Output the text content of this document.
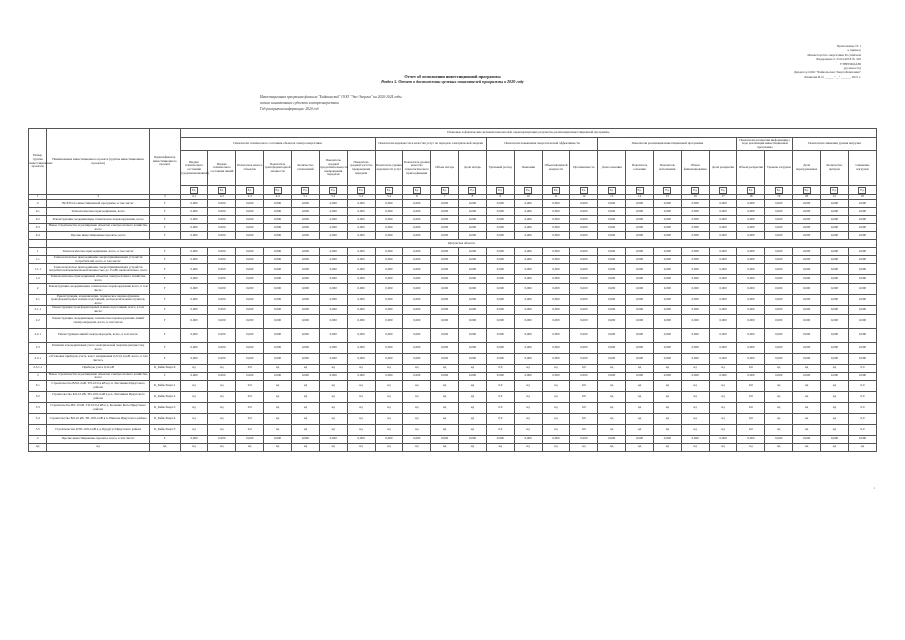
Приложение № 1
к приказу
Министерства энергетики Российской
Федерации от 25.04.2018 № 320
УТВЕРЖДАЮ
(должность)
Директор ООО "Байкальская ЭнергоКомпания"
Фамилия И.О. _____ "__" ______ 2021 г.
Отчет об исполнении инвестиционной программы
Раздел 5. Отчет о достижении целевых показателей программы в 2020 году
Инвестиционная программа филиала "Байкальский" ООО "Эко-Энергия" на 2020-2024 годы
полное наименование субъекта электроэнергетики
Год раскрытия информации: 2020 год
Номер группы инвестиционных проектов	Наименование инвестиционного проекта (группы инвестиционных проектов)	Идентификатор инвестиционного проекта	Плановые и фактические значения показателей, характеризующих результаты реализации инвестиционной программы																								
			Показатели технического состояния объектов электроэнергетики							Показатели надежности и качества услуг по передаче электрической энергии				Показатели повышения энергетической эффективности				Показатели реализации инвестиционной программы					Показатели раскрытия информации о ходе реализации инвестиционной программы		Показатели снижения уровня нагрузки		
			Индекс технического состояния (средневзвешенный)	Индекс технического состояния линий	Показатель износа объектов	Показатель трансформаторной мощности	Количество отключений	Показатель средней продолжительности прекращения передачи	Показатель средней частоты прекращения передачи	Показатель уровня надежности услуг	Показатель уровня качества технологического присоединения	Объем потерь	Доля потерь	Удельный расход	Экономия	Объем вводимой мощности	Протяженность	Доля освоения	Показатель освоения	Показатель исполнения	Объем финансирования	Доля раскрытия	Объем раскрытия	Уровень загрузки	Доля перегруженных	Количество центров	Снижение нагрузки
			Ед.	Ед.	Ед.	Ед.	Ед.	Ед.	Ед.	Ед.	Ед.	Ед.	Ед.	Ед.	Ед.	Ед.	Ед.	Ед.	Ед.	Ед.	Ед.	Ед.	Ед.	Ед.	Ед.	Ед.	Ед.
1	2	3	4.1	4.2	4.3	4.4	5.1	5.2	5.3	5.4	6	7	8	9	10	11	12	13	14	15	16	17	18	19	20	21	22
0	ВСЕГО по инвестиционной программе, в том числе:	Г	0,000	0,000	0,000	0,000	0,000	0,000	0,000	0,000	0,000	0,000	0,000	0,000	0,000	0,000	0,000	0,000	0,000	0,000	0,000	0,000	0,000	0,000	0,000	0,000	0,000
0.1	Технологическое присоединение, всего	Г	0,000	0,000	0,000	0,000	0,000	0,000	0,000	0,000	0,000	0,000	0,000	0,000	0,000	0,000	0,000	0,000	0,000	0,000	0,000	0,000	0,000	0,000	0,000	0,000	0,000
0.2	Реконструкция, модернизация, техническое перевооружение, всего	Г	0,000	0,000	0,000	0,000	0,000	0,000	0,000	0,000	0,000	0,000	0,000	0,000	0,000	0,000	0,000	0,000	0,000	0,000	0,000	0,000	0,000	0,000	0,000	0,000	0,000
0.3	Новое строительство и расширение объектов электросетевого хозяйства, всего	Г	0,000	0,000	0,000	0,000	0,000	0,000	0,000	0,000	0,000	0,000	0,000	0,000	0,000	0,000	0,000	0,000	0,000	0,000	0,000	0,000	0,000	0,000	0,000	0,000	0,000
0.4	Прочие инвестиционные проекты, всего	Г	0,000	0,000	0,000	0,000	0,000	0,000	0,000	0,000	0,000	0,000	0,000	0,000	0,000	0,000	0,000	0,000	0,000	0,000	0,000	0,000	0,000	0,000	0,000	0,000	0,000
	Иркутская область																										
1	Технологическое присоединение, всего, в том числе:	Г	0,000	0,000	0,000	0,000	0,000	0,000	0,000	0,000	0,000	0,000	0,000	0,000	0,000	0,000	0,000	0,000	0,000	0,000	0,000	0,000	0,000	0,000	0,000	0,000	0,000
1.1	Технологическое присоединение энергопринимающих устройств потребителей, всего, в том числе:	Г	0,000	0,000	0,000	0,000	0,000	0,000	0,000	0,000	0,000	0,000	0,000	0,000	0,000	0,000	0,000	0,000	0,000	0,000	0,000	0,000	0,000	0,000	0,000	0,000	0,000
1.1.1	Технологическое присоединение энергопринимающих устройств потребителей максимальной мощностью до 15 кВт включительно, всего	Г	0,000	0,000	0,000	0,000	0,000	0,000	0,000	0,000	0,000	0,000	0,000	0,000	0,000	0,000	0,000	0,000	0,000	0,000	0,000	0,000	0,000	0,000	0,000	0,000	0,000
1.2	Технологическое присоединение объектов электросетевого хозяйства, всего	Г	0,000	0,000	0,000	0,000	0,000	0,000	0,000	0,000	0,000	0,000	0,000	0,000	0,000	0,000	0,000	0,000	0,000	0,000	0,000	0,000	0,000	0,000	0,000	0,000	0,000
2	Реконструкция, модернизация, техническое перевооружение всего, в том числе:	Г	0,000	0,000	0,000	0,000	0,000	0,000	0,000	0,000	0,000	0,000	0,000	0,000	0,000	0,000	0,000	0,000	0,000	0,000	0,000	0,000	0,000	0,000	0,000	0,000	0,000
2.1	Реконструкция, модернизация, техническое перевооружение трансформаторных и иных подстанций, распределительных пунктов, всего	Г	0,000	0,000	0,000	0,000	0,000	0,000	0,000	0,000	0,000	0,000	0,000	0,000	0,000	0,000	0,000	0,000	0,000	0,000	0,000	0,000	0,000	0,000	0,000	0,000	0,000
2.1.1	Реконструкция трансформаторных и иных подстанций, всего, в том числе:	Г	0,000	0,000	0,000	0,000	0,000	0,000	0,000	0,000	0,000	0,000	0,000	0,000	0,000	0,000	0,000	0,000	0,000	0,000	0,000	0,000	0,000	0,000	0,000	0,000	0,000
2.2	Реконструкция, модернизация, техническое перевооружение линий электропередачи, всего, в том числе:	Г	0,000	0,000	0,000	0,000	0,000	0,000	0,000	0,000	0,000	0,000	0,000	0,000	0,000	0,000	0,000	0,000	0,000	0,000	0,000	0,000	0,000	0,000	0,000	0,000	0,000
2.2.1	Реконструкция линий электропередачи, всего, в том числе:	Г	0,000	0,000	0,000	0,000	0,000	0,000	0,000	0,000	0,000	0,000	0,000	0,000	0,000	0,000	0,000	0,000	0,000	0,000	0,000	0,000	0,000	0,000	0,000	0,000	0,000
2.3	Развитие и модернизация учета электрической энергии (мощности), всего	Г	0,000	0,000	0,000	0,000	0,000	0,000	0,000	0,000	0,000	0,000	0,000	0,000	0,000	0,000	0,000	0,000	0,000	0,000	0,000	0,000	0,000	0,000	0,000	0,000	0,000
2.3.1	«Установка приборов учета, класс напряжения 0,22 (0,4) кВ, всего, в том числе:»	Г	0,000	0,000	0,000	0,000	0,000	0,000	0,000	0,000	0,000	0,000	0,000	0,000	0,000	0,000	0,000	0,000	0,000	0,000	0,000	0,000	0,000	0,000	0,000	0,000	0,000
2.3.1.1	Приборы учета 0,22 кВ	К_Байк.Энерг.6	нд	нд	0,0	нд	нд	нд	нд	нд	нд	нд	нд	0,0	нд	нд	0,0	нд	нд	нд	нд	нд	0,0	нд	нд	нд	0,0
3	Новое строительство и расширение объектов электросетевого хозяйства, всего	Г	0,000	0,000	0,000	0,000	0,000	0,000	0,000	0,000	0,000	0,000	0,000	0,000	0,000	0,000	0,000	0,000	0,000	0,000	0,000	0,000	0,000	0,000	0,000	0,000	0,000
3.1	Строительство ВЛ-0,4 кВ, ТП-10/0,4 кВ в р.п. Листвянка Иркутского района	К_Байк.Энерг.1	нд	нд	0,0	нд	нд	нд	нд	нд	нд	нд	нд	0,0	нд	нд	0,0	нд	нд	нд	нд	нд	0,0	нд	нд	нд	0,0
3.2	Строительство КЛ-10 кВ, ТП-10/0,4 кВ в р.п. Листвянка Иркутского района	К_Байк.Энерг.2	нд	нд	0,0	нд	нд	нд	нд	нд	нд	нд	нд	0,0	нд	нд	0,0	нд	нд	нд	нд	нд	0,0	нд	нд	нд	0,0
3.3	Строительство ВЛ-10 кВ, ТП-10/0,4 кВ в д. Большие Коты Иркутского района	К_Байк.Энерг.3	нд	нд	0,0	нд	нд	нд	нд	нд	нд	нд	нд	0,0	нд	нд	0,0	нд	нд	нд	нд	нд	0,0	нд	нд	нд	0,0
3.4	Строительство ВЛ-10 кВ, ТП-10/0,4 кВ в п. Николы Иркутского района	К_Байк.Энерг.4	нд	нд	0,0	нд	нд	нд	нд	нд	нд	нд	нд	0,0	нд	нд	0,0	нд	нд	нд	нд	нд	0,0	нд	нд	нд	0,0
3.5	Строительство КТП-10/0,4 кВ в д. Бурдугуз Иркутского района	К_Байк.Энерг.5	нд	нд	0,0	нд	нд	нд	нд	нд	нд	нд	нд	0,0	нд	нд	0,0	нд	нд	нд	нд	нд	0,0	нд	нд	нд	0,0
4	Прочие инвестиционные проекты, всего, в том числе:	Г	0,000	0,000	0,000	0,000	0,000	0,000	0,000	0,000	0,000	0,000	0,000	0,000	0,000	0,000	0,000	0,000	0,000	0,000	0,000	0,000	0,000	0,000	0,000	0,000	0,000
нд	нд	нд	нд	нд	нд	нд	нд	нд	нд	нд	нд	нд	нд	нд	нд	нд	нд	нд	нд	нд	нд	нд	нд	нд	нд	нд	нд
1
